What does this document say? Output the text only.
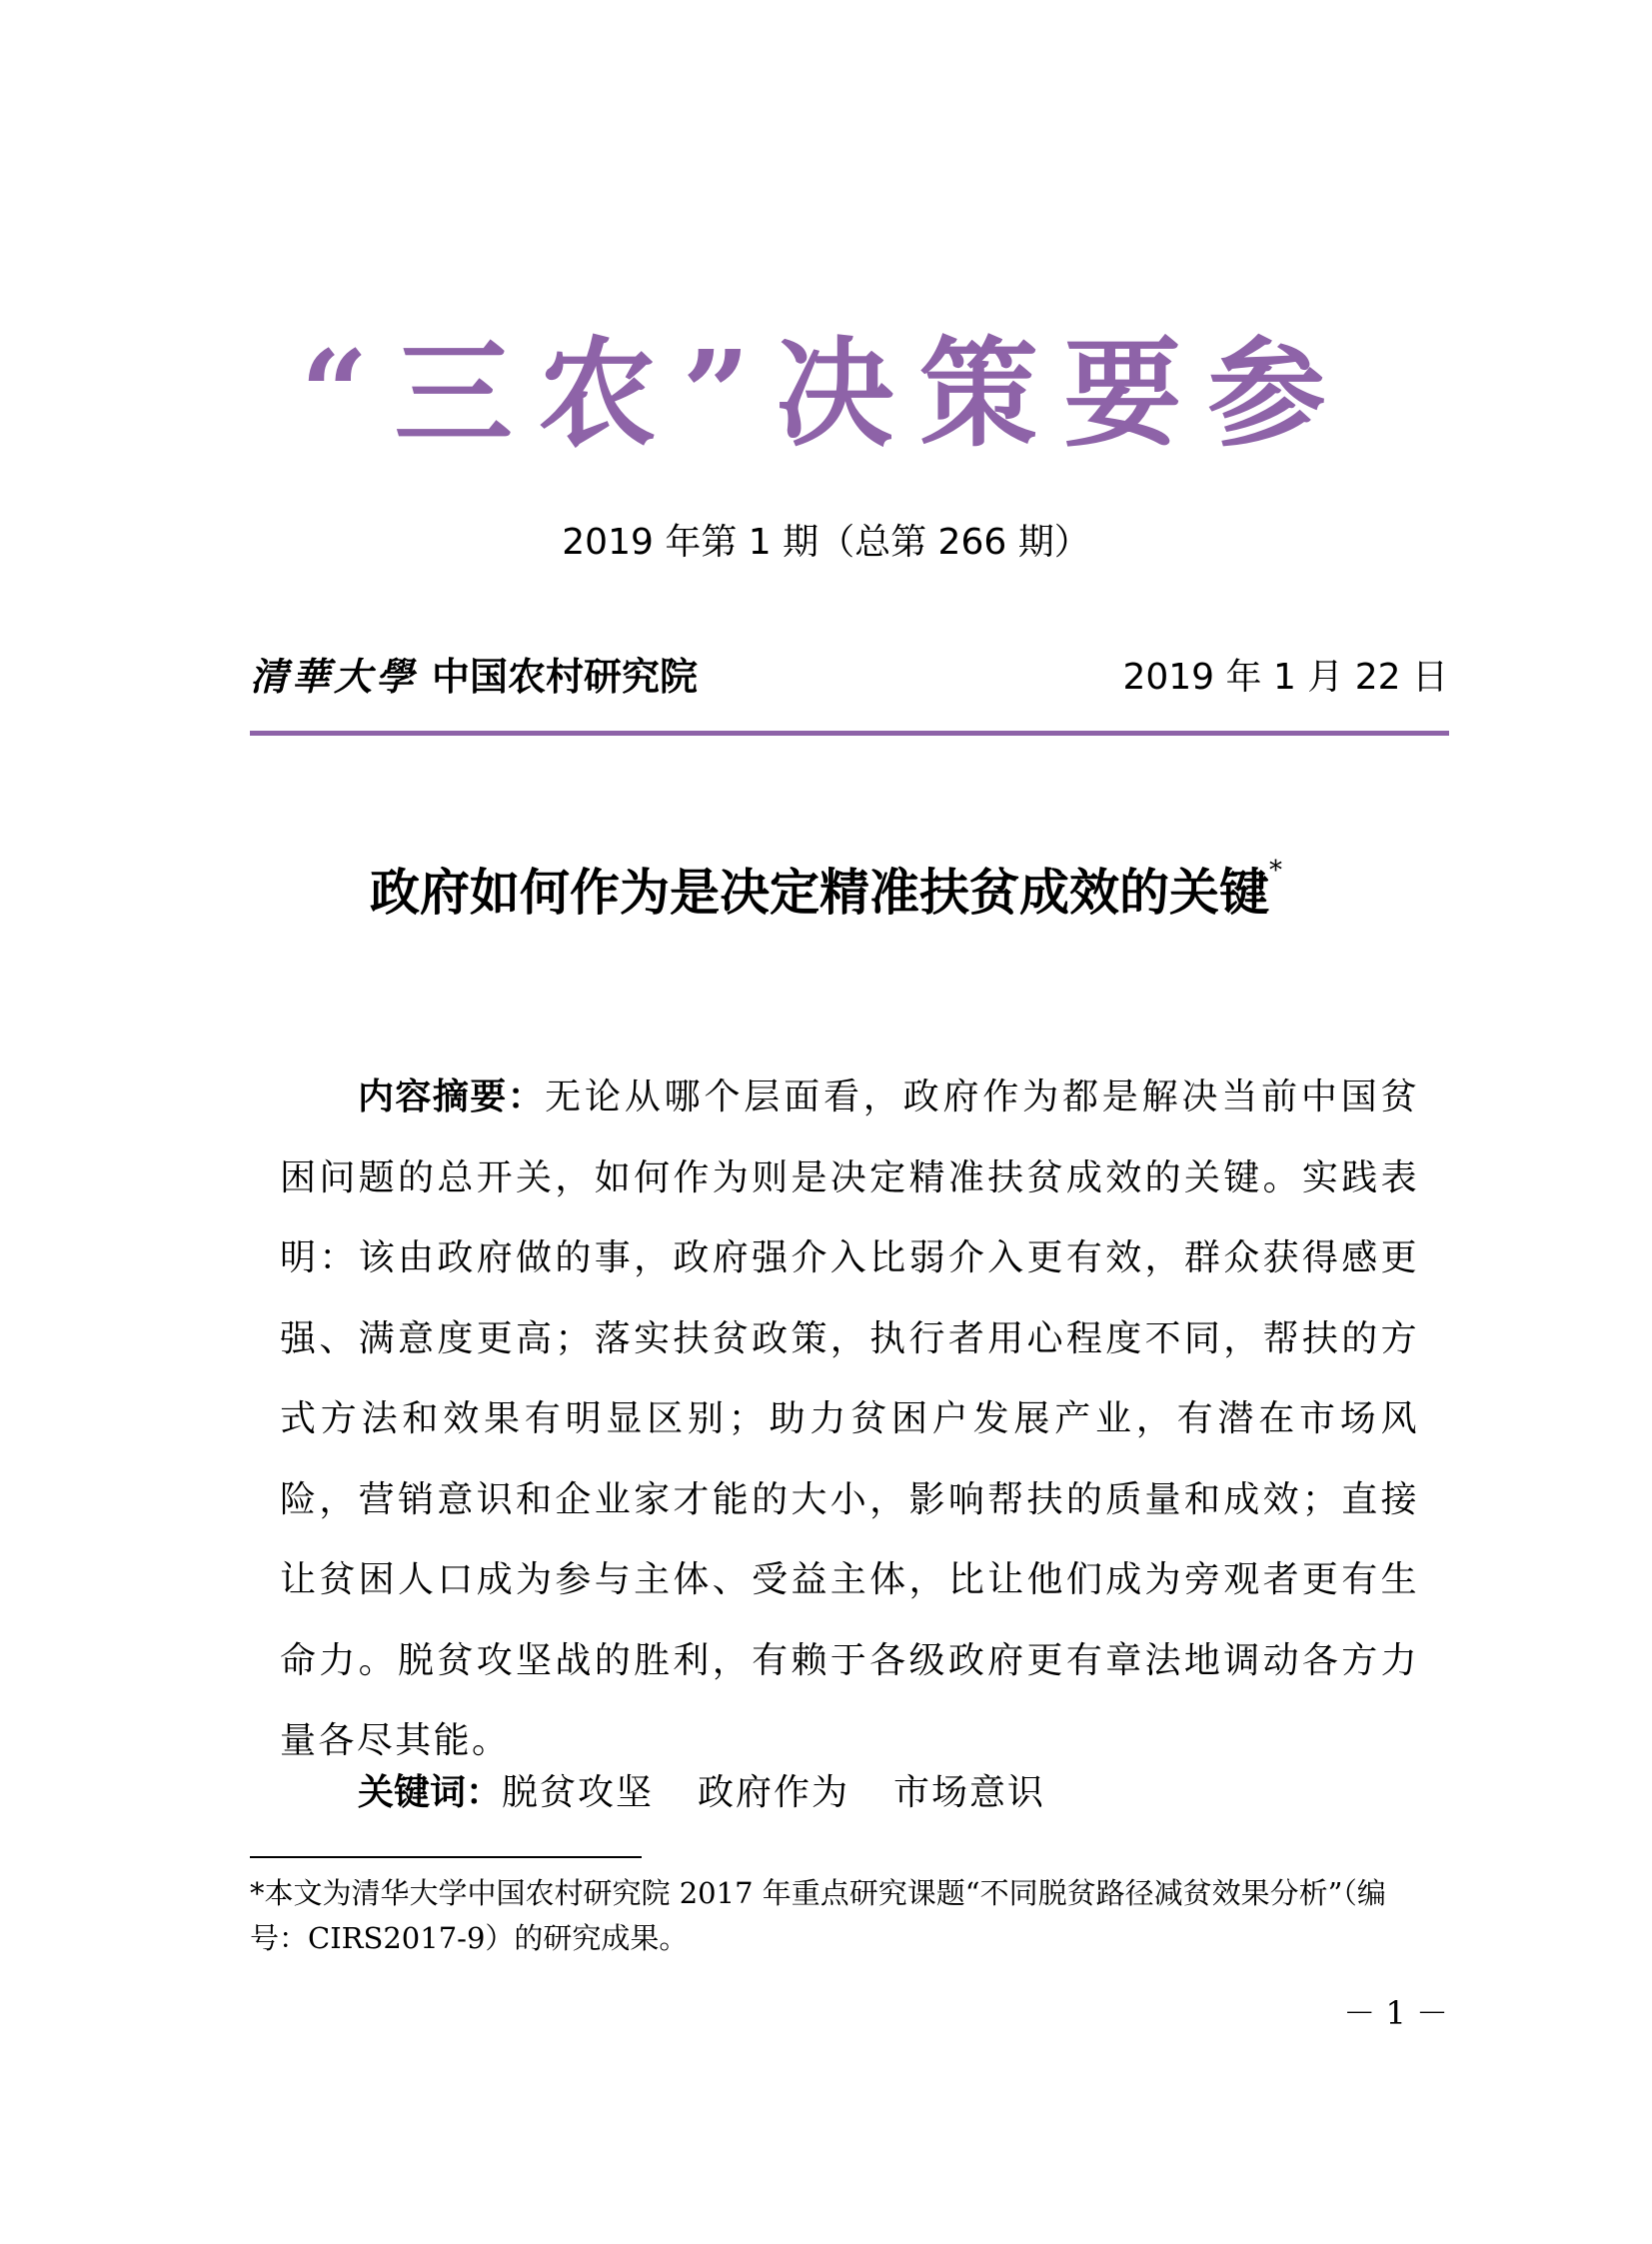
“三农”决策要参
2019 年第 1 期（总第 266 期）
清華大學 中国农村研究院	2019 年 1 月 22 日
政府如何作为是决定精准扶贫成效的关键*

内容摘要：无论从哪个层面看，政府作为都是解决当前中国贫困问题的总开关，如何作为则是决定精准扶贫成效的关键。实践表明：该由政府做的事，政府强介入比弱介入更有效，群众获得感更强、满意度更高；落实扶贫政策，执行者用心程度不同，帮扶的方式方法和效果有明显区别；助力贫困户发展产业，有潜在市场风险，营销意识和企业家才能的大小，影响帮扶的质量和成效；直接让贫困人口成为参与主体、受益主体，比让他们成为旁观者更有生命力。脱贫攻坚战的胜利，有赖于各级政府更有章法地调动各方力量各尽其能。

关键词：脱贫攻坚 政府作为 市场意识

*本文为清华大学中国农村研究院 2017 年重点研究课题“不同脱贫路径减贫效果分析”（编号：CIRS2017-9）的研究成果。

－ 1 －
